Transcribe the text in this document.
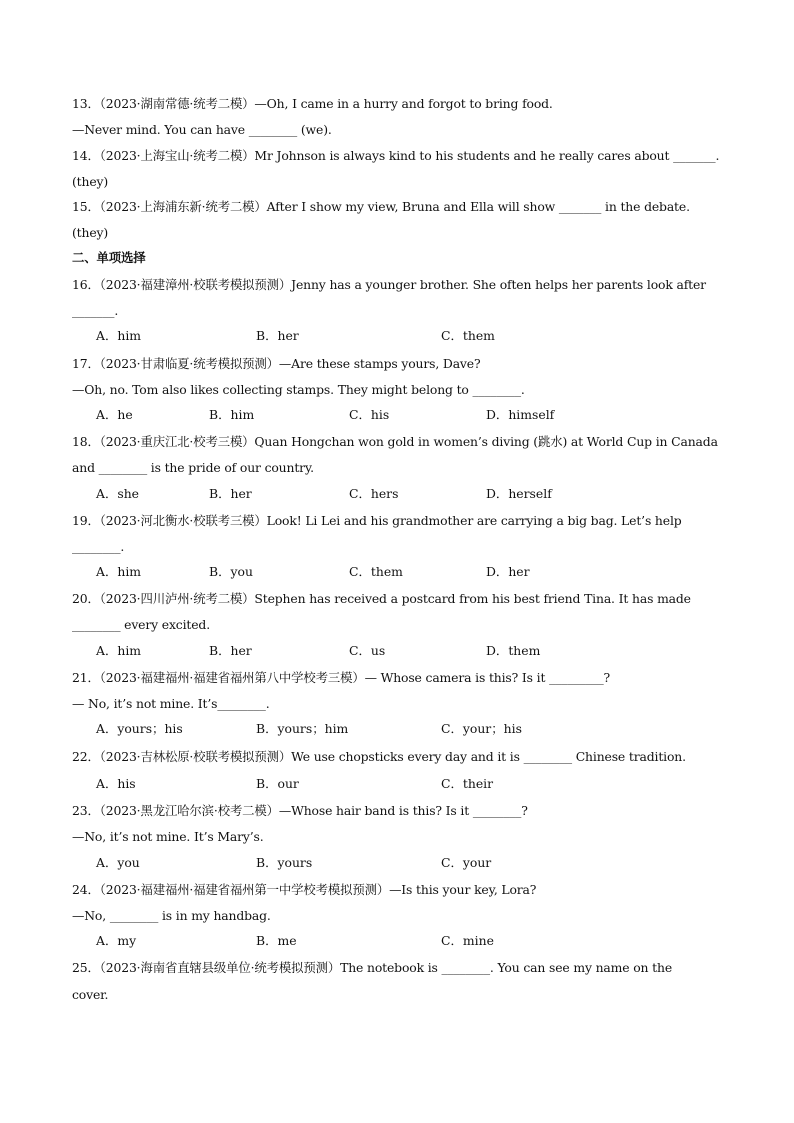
13．（2023·湖南常德·统考二模）—Oh, I came in a hurry and forgot to bring food.
—Never mind. You can have ________ (we).
14．（2023·上海宝山·统考二模）Mr Johnson is always kind to his students and he really cares about _______.
(they)
15．（2023·上海浦东新·统考二模）After I show my view, Bruna and Ella will show _______ in the debate.
(they)
二、单项选择
16．（2023·福建漳州·校联考模拟预测）Jenny has a younger brother. She often helps her parents look after
_______.
A．him	B．her	C．them
17．（2023·甘肃临夏·统考模拟预测）—Are these stamps yours, Dave?
—Oh, no. Tom also likes collecting stamps. They might belong to ________.
A．he	B．him	C．his	D．himself
18．（2023·重庆江北·校考三模）Quan Hongchan won gold in women’s diving (跳水) at World Cup in Canada
and ________ is the pride of our country.
A．she	B．her	C．hers	D．herself
19．（2023·河北衡水·校联考三模）Look! Li Lei and his grandmother are carrying a big bag. Let’s help
________.
A．him	B．you	C．them	D．her
20．（2023·四川泸州·统考二模）Stephen has received a postcard from his best friend Tina. It has made
________ every excited.
A．him	B．her	C．us	D．them
21．（2023·福建福州·福建省福州第八中学校考三模）— Whose camera is this? Is it _________?
— No, it’s not mine. It’s________.
A．yours；his	B．yours；him	C．your；his
22．（2023·吉林松原·校联考模拟预测）We use chopsticks every day and it is ________ Chinese tradition.
A．his	B．our	C．their
23．（2023·黑龙江哈尔滨·校考二模）—Whose hair band is this? Is it ________?
—No, it’s not mine. It’s Mary’s.
A．you	B．yours	C．your
24．（2023·福建福州·福建省福州第一中学校考模拟预测）—Is this your key, Lora?
—No, ________ is in my handbag.
A．my	B．me	C．mine
25．（2023·海南省直辖县级单位·统考模拟预测）The notebook is ________. You can see my name on the
cover.
